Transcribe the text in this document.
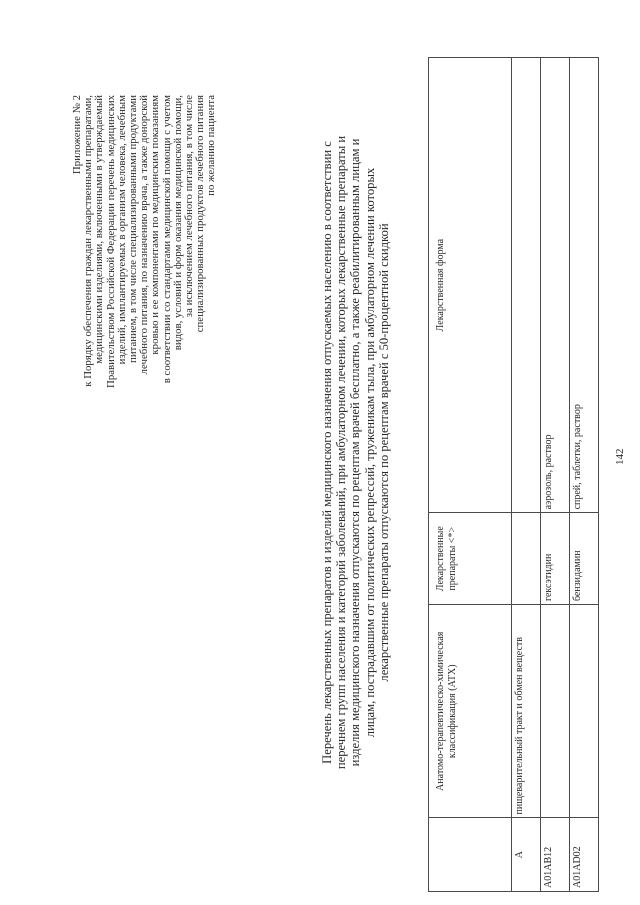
Приложение № 2 к Порядку обеспечения граждан лекарственными препаратами, медицинскими изделиями, включенными в утверждаемый Правительством Российской Федерации перечень медицинских изделий, имплантируемых в организм человека, лечебным питанием, в том числе специализированными продуктами лечебного питания, по назначению врача, а также донорской кровью и ее компонентами по медицинским показаниям в соответствии со стандартами медицинской помощи с учетом видов, условий и форм оказания медицинской помощи, за исключением лечебного питания, в том числе специализированных продуктов лечебного питания по желанию пациента	Перечень лекарственных препаратов и изделий медицинского назначения отпускаемых населению в соответствии с перечнем групп населения и категорий заболеваний, при амбулаторном лечении, которых лекарственные препараты и изделия медицинского назначения отпускаются по рецептам врачей бесплатно, а также реабилитированным лицам и лицам, пострадавшим от политических репрессий, труженикам тыла, при амбулаторном лечении которых лекарственные препараты отпускаются по рецептам врачей с 50-процентной скидкой
	Анатомо-терапевтическо-химическая классификация (АТХ)	Лекарственные препараты <*>	Лекарственная форма
A	пищеварительный тракт и обмен веществ		
A01AB12		гексэтидин	аэрозоль, раствор
A01AD02		бензидамин	спрей, таблетки, раствор	142
